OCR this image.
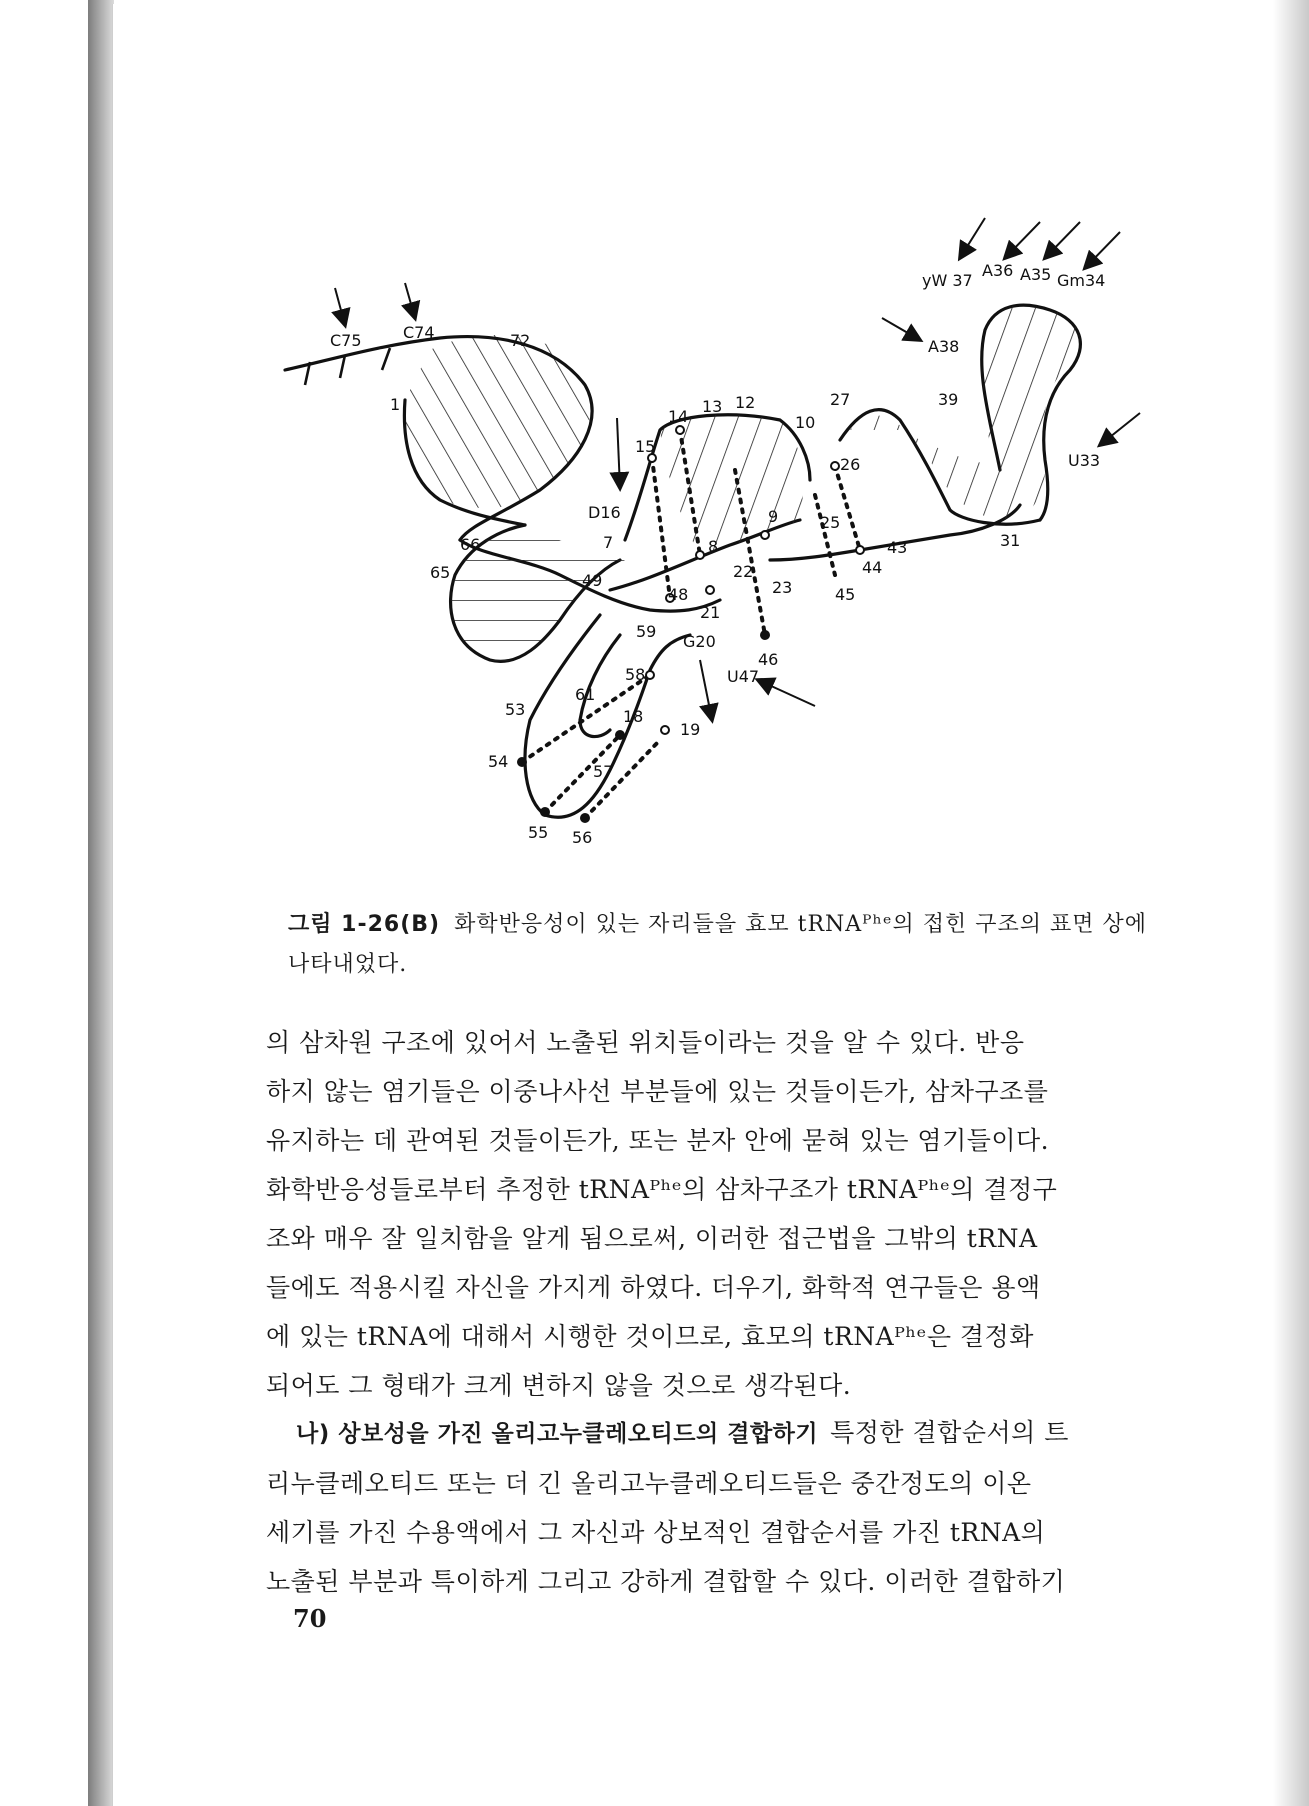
C75	C74	72
1
yW 37
A36 A35 Gm34
A38
39
U33
31
27
26
25
10
12
13
14
15
D16
7
66
65	49
8
9
22
23
43
44
45
48
21
59
G20
46
U47
58
61
18
19
53
54
57
55 56
그림 1-26(B) 화학반응성이 있는 자리들을 효모 tRNAᴾʰᵉ의 접힌 구조의 표면 상에 나타내었다.
의 삼차원 구조에 있어서 노출된 위치들이라는 것을 알 수 있다. 반응
하지 않는 염기들은 이중나사선 부분들에 있는 것들이든가, 삼차구조를
유지하는 데 관여된 것들이든가, 또는 분자 안에 묻혀 있는 염기들이다.
화학반응성들로부터 추정한 tRNAᴾʰᵉ의 삼차구조가 tRNAᴾʰᵉ의 결정구
조와 매우 잘 일치함을 알게 됨으로써, 이러한 접근법을 그밖의 tRNA
들에도 적용시킬 자신을 가지게 하였다. 더우기, 화학적 연구들은 용액
에 있는 tRNA에 대해서 시행한 것이므로, 효모의 tRNAᴾʰᵉ은 결정화
되어도 그 형태가 크게 변하지 않을 것으로 생각된다.
나) 상보성을 가진 올리고누클레오티드의 결합하기 특정한 결합순서의 트
리누클레오티드 또는 더 긴 올리고누클레오티드들은 중간정도의 이온
세기를 가진 수용액에서 그 자신과 상보적인 결합순서를 가진 tRNA의
노출된 부분과 특이하게 그리고 강하게 결합할 수 있다. 이러한 결합하기
70
